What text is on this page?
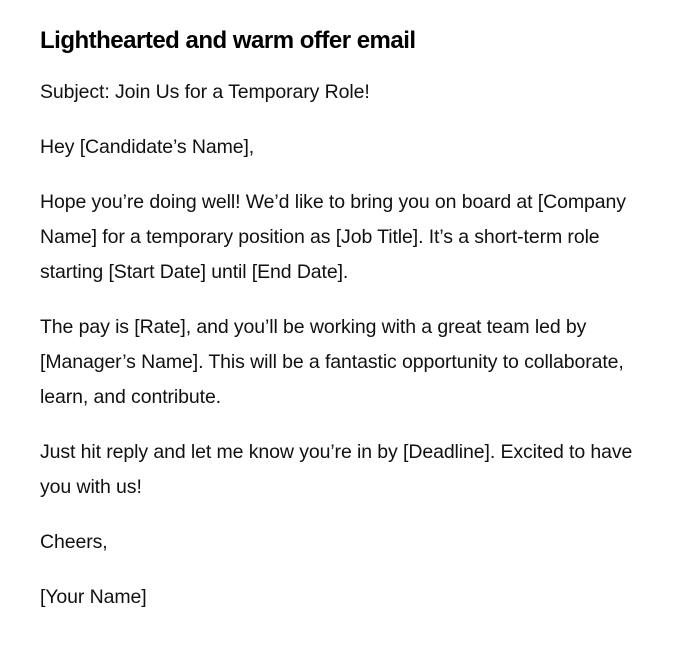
Lighthearted and warm offer email

Subject: Join Us for a Temporary Role!

Hey [Candidate’s Name],

Hope you’re doing well! We’d like to bring you on board at [Company Name] for a temporary position as [Job Title]. It’s a short-term role starting [Start Date] until [End Date].

The pay is [Rate], and you’ll be working with a great team led by [Manager’s Name]. This will be a fantastic opportunity to collaborate, learn, and contribute.

Just hit reply and let me know you’re in by [Deadline]. Excited to have you with us!

Cheers,

[Your Name]
